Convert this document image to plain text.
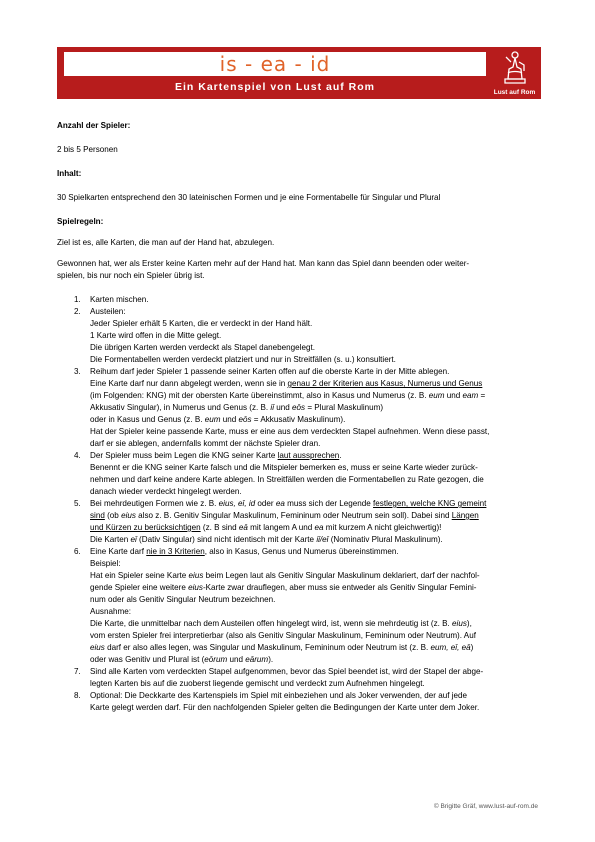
is - ea - id
Ein Kartenspiel von Lust auf Rom	Lust auf Rom

Anzahl der Spieler:

2 bis 5 Personen

Inhalt:

30 Spielkarten entsprechend den 30 lateinischen Formen und je eine Formentabelle für Singular und Plural

Spielregeln:

Ziel ist es, alle Karten, die man auf der Hand hat, abzulegen.

Gewonnen hat, wer als Erster keine Karten mehr auf der Hand hat. Man kann das Spiel dann beenden oder weiter-

spielen, bis nur noch ein Spieler übrig ist.

1. Karten mischen.

2. Austeilen:

Jeder Spieler erhält 5 Karten, die er verdeckt in der Hand hält.

1 Karte wird offen in die Mitte gelegt.

Die übrigen Karten werden verdeckt als Stapel danebengelegt.

Die Formentabellen werden verdeckt platziert und nur in Streitfällen (s. u.) konsultiert.

3. Reihum darf jeder Spieler 1 passende seiner Karten offen auf die oberste Karte in der Mitte ablegen.

Eine Karte darf nur dann abgelegt werden, wenn sie in genau 2 der Kriterien aus Kasus, Numerus und Genus

(im Folgenden: KNG) mit der obersten Karte übereinstimmt, also in Kasus und Numerus (z. B. eum und eam =

Akkusativ Singular), in Numerus und Genus (z. B. iī und eōs = Plural Maskulinum)

oder in Kasus und Genus (z. B. eum und eōs = Akkusativ Maskulinum).

Hat der Spieler keine passende Karte, muss er eine aus dem verdeckten Stapel aufnehmen. Wenn diese passt,

darf er sie ablegen, andernfalls kommt der nächste Spieler dran.

4. Der Spieler muss beim Legen die KNG seiner Karte laut aussprechen.

Benennt er die KNG seiner Karte falsch und die Mitspieler bemerken es, muss er seine Karte wieder zurück-

nehmen und darf keine andere Karte ablegen. In Streitfällen werden die Formentabellen zu Rate gezogen, die

danach wieder verdeckt hingelegt werden.

5. Bei mehrdeutigen Formen wie z. B. eius, eī, id oder ea muss sich der Legende festlegen, welche KNG gemeint

sind (ob eius also z. B. Genitiv Singular Maskulinum, Femininum oder Neutrum sein soll). Dabei sind Längen

und Kürzen zu berücksichtigen (z. B sind eā mit langem A und ea mit kurzem A nicht gleichwertig)!

Die Karten eī (Dativ Singular) sind nicht identisch mit der Karte iī/eī (Nominativ Plural Maskulinum).

6. Eine Karte darf nie in 3 Kriterien, also in Kasus, Genus und Numerus übereinstimmen.

Beispiel:

Hat ein Spieler seine Karte eius beim Legen laut als Genitiv Singular Maskulinum deklariert, darf der nachfol-

gende Spieler eine weitere eius-Karte zwar drauflegen, aber muss sie entweder als Genitiv Singular Femini-

num oder als Genitiv Singular Neutrum bezeichnen.

Ausnahme:

Die Karte, die unmittelbar nach dem Austeilen offen hingelegt wird, ist, wenn sie mehrdeutig ist (z. B. eius),

vom ersten Spieler frei interpretierbar (also als Genitiv Singular Maskulinum, Femininum oder Neutrum). Auf

eius darf er also alles legen, was Singular und Maskulinum, Femininum oder Neutrum ist (z. B. eum, eī, eā)

oder was Genitiv und Plural ist (eōrum und eārum).

7. Sind alle Karten vom verdeckten Stapel aufgenommen, bevor das Spiel beendet ist, wird der Stapel der abge-

legten Karten bis auf die zuoberst liegende gemischt und verdeckt zum Aufnehmen hingelegt.

8. Optional: Die Deckkarte des Kartenspiels im Spiel mit einbeziehen und als Joker verwenden, der auf jede

Karte gelegt werden darf. Für den nachfolgenden Spieler gelten die Bedingungen der Karte unter dem Joker.

© Brigitte Gräf, www.lust-auf-rom.de
